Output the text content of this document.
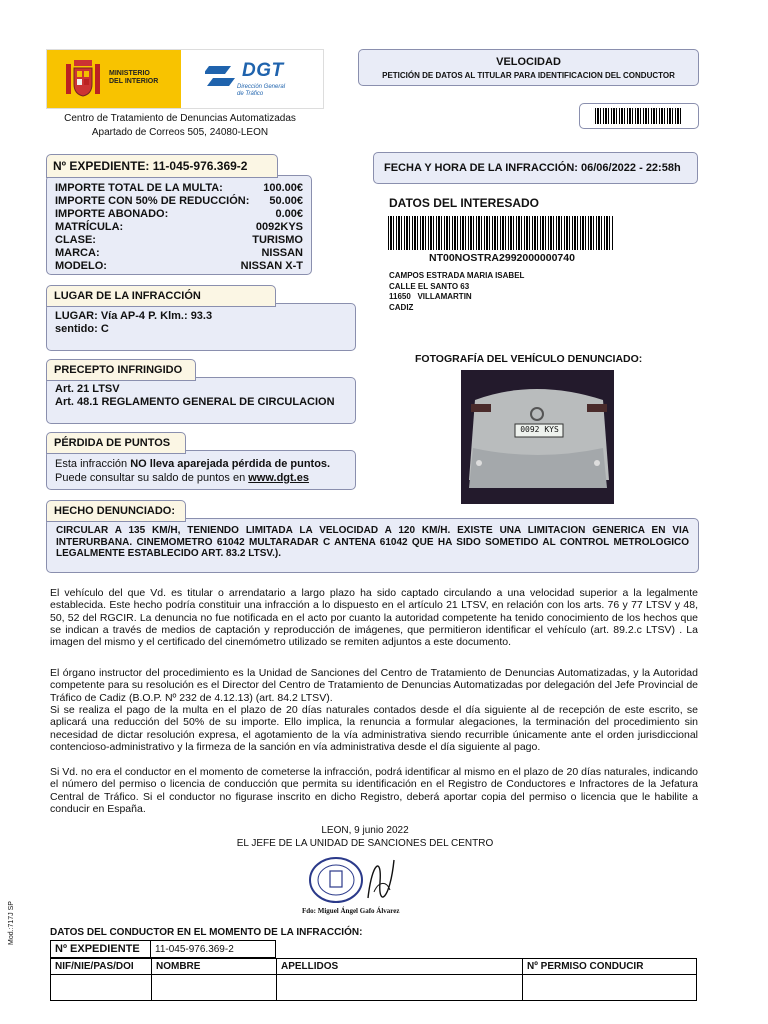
MINISTERIO
DEL INTERIOR
DGT
Dirección General
de Tráfico
Centro de Tratamiento de Denuncias Automatizadas
Apartado de Correos 505, 24080-LEON
VELOCIDAD
PETICIÓN DE DATOS AL TITULAR PARA IDENTIFICACION DEL CONDUCTOR
IMPORTE TOTAL DE LA MULTA:	100.00€
IMPORTE CON 50% DE REDUCCIÓN: 50.00€
IMPORTE ABONADO:	0.00€
MATRÍCULA:	0092KYS
CLASE:	TURISMO
MARCA:	NISSAN
MODELO:	NISSAN X-T
Nº EXPEDIENTE: 11-045-976.369-2	FECHA Y HORA DE LA INFRACCIÓN: 06/06/2022 - 22:58h
DATOS DEL INTERESADO
NT00NOSTRA2992000000740
CAMPOS ESTRADA MARIA ISABEL
CALLE EL SANTO 63
11650   VILLAMARTIN
CADIZ
LUGAR: Vía AP-4 P. Klm.: 93.3
sentido: C
LUGAR DE LA INFRACCIÓN
Art. 21 LTSV
Art. 48.1 REGLAMENTO GENERAL DE CIRCULACION
PRECEPTO INFRINGIDO
Esta infracción NO lleva aparejada pérdida de puntos.
Puede consultar su saldo de puntos en www.dgt.es
PÉRDIDA DE PUNTOS
FOTOGRAFÍA DEL VEHÍCULO DENUNCIADO:
0092 KYS
CIRCULAR A 135 KM/H, TENIENDO LIMITADA LA VELOCIDAD A 120 KM/H. EXISTE UNA LIMITACION GENERICA EN VIA INTERURBANA. CINEMOMETRO 61042 MULTARADAR C ANTENA 61042 QUE HA SIDO SOMETIDO AL CONTROL METROLOGICO LEGALMENTE ESTABLECIDO ART. 83.2 LTSV.).
HECHO DENUNCIADO:
El vehículo del que Vd. es titular o arrendatario a largo plazo ha sido captado circulando a una velocidad superior a la legalmente establecida. Este hecho podría constituir una infracción a lo dispuesto en el artículo 21 LTSV, en relación con los arts. 76 y 77 LTSV y 48, 50, 52 del RGCIR. La denuncia no fue notificada en el acto por cuanto la autoridad competente ha tenido conocimiento de los hechos que se indican a través de medios de captación y reproducción de imágenes, que permitieron identificar el vehículo (art. 89.2.c LTSV) . La imagen del mismo y el certificado del cinemómetro utilizado se remiten adjuntos a este documento.
El órgano instructor del procedimiento es la Unidad de Sanciones del Centro de Tratamiento de Denuncias Automatizadas, y la Autoridad competente para su resolución es el Director del Centro de Tratamiento de Denuncias Automatizadas por delegación del Jefe Provincial de Tráfico de Cadiz (B.O.P. Nº 232 de 4.12.13) (art. 84.2 LTSV).
Si se realiza el pago de la multa en el plazo de 20 días naturales contados desde el día siguiente al de recepción de este escrito, se aplicará una reducción del 50% de su importe. Ello implica, la renuncia a formular alegaciones, la terminación del procedimiento sin necesidad de dictar resolución expresa, el agotamiento de la vía administrativa siendo recurrible únicamente ante el orden jurisdiccional contencioso-administrativo y la firmeza de la sanción en vía administrativa desde el día siguiente al pago.
Si Vd. no era el conductor en el momento de cometerse la infracción, podrá identificar al mismo en el plazo de 20 días naturales, indicando el número del permiso o licencia de conducción que permita su identificación en el Registro de Conductores e Infractores de la Jefatura Central de Tráfico. Si el conductor no figurase inscrito en dicho Registro, deberá aportar copia del permiso o licencia que le habilite a conducir en España.
LEON, 9 junio 2022
EL JEFE DE LA UNIDAD DE SANCIONES DEL CENTRO
Fdo: Miguel Ángel Gafo Álvarez
Mod.:717J SP	DATOS DEL CONDUCTOR EN EL MOMENTO DE LA INFRACCIÓN:
Nº EXPEDIENTE	11-045-976.369-2
NIF/NIE/PAS/DOI	NOMBRE	APELLIDOS	Nº PERMISO CONDUCIR
